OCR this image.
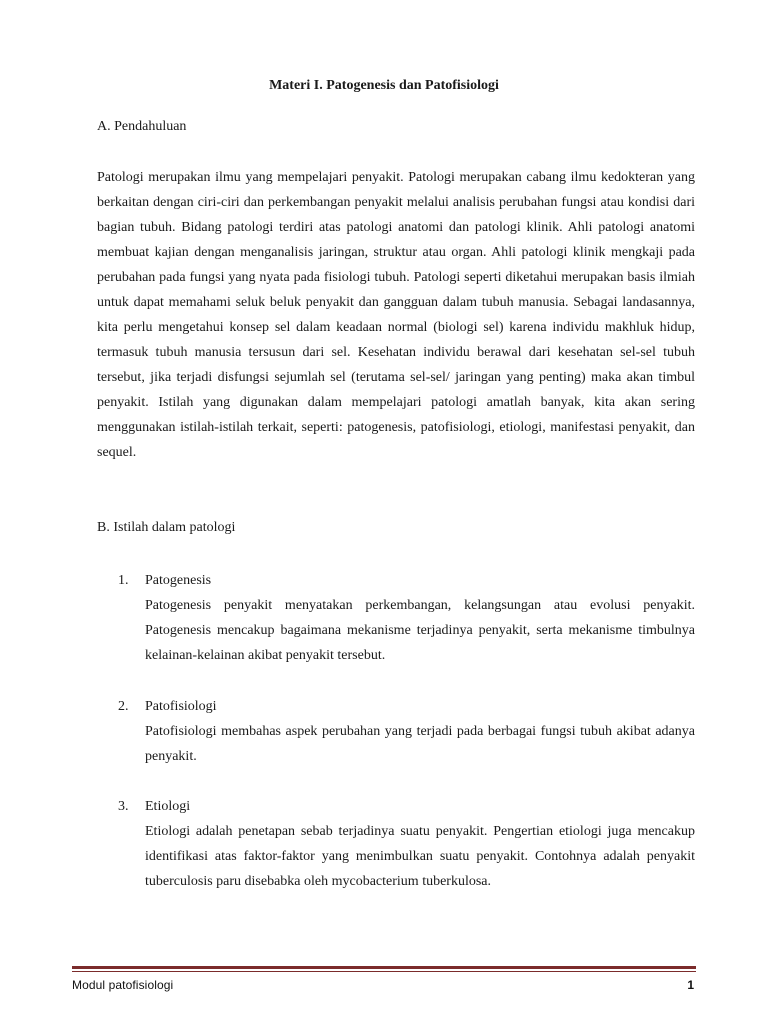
Materi I. Patogenesis dan Patofisiologi
A. Pendahuluan
Patologi merupakan ilmu yang mempelajari penyakit. Patologi merupakan cabang ilmu kedokteran yang berkaitan dengan ciri-ciri dan perkembangan penyakit melalui analisis perubahan fungsi atau kondisi dari bagian tubuh. Bidang patologi terdiri atas patologi anatomi dan patologi klinik. Ahli patologi anatomi membuat kajian dengan menganalisis jaringan, struktur atau organ. Ahli patologi klinik mengkaji pada perubahan pada fungsi yang nyata pada fisiologi tubuh. Patologi seperti diketahui merupakan basis ilmiah untuk dapat memahami seluk beluk penyakit dan gangguan dalam tubuh manusia. Sebagai landasannya, kita perlu mengetahui konsep sel dalam keadaan normal (biologi sel) karena individu makhluk hidup, termasuk tubuh manusia tersusun dari sel. Kesehatan individu berawal dari kesehatan sel-sel tubuh tersebut, jika terjadi disfungsi sejumlah sel (terutama sel-sel/ jaringan yang penting) maka akan timbul penyakit. Istilah yang digunakan dalam mempelajari patologi amatlah banyak, kita akan sering menggunakan istilah-istilah terkait, seperti: patogenesis, patofisiologi, etiologi, manifestasi penyakit, dan sequel.
B. Istilah dalam patologi
1. Patogenesis
Patogenesis penyakit menyatakan perkembangan, kelangsungan atau evolusi penyakit. Patogenesis mencakup bagaimana mekanisme terjadinya penyakit, serta mekanisme timbulnya kelainan-kelainan akibat penyakit tersebut.
2. Patofisiologi
Patofisiologi membahas aspek perubahan yang terjadi pada berbagai fungsi tubuh akibat adanya penyakit.
3. Etiologi
Etiologi adalah penetapan sebab terjadinya suatu penyakit. Pengertian etiologi juga mencakup identifikasi atas faktor-faktor yang menimbulkan suatu penyakit. Contohnya adalah penyakit tuberculosis paru disebabka oleh mycobacterium tuberkulosa.
Modul patofisiologi	1
